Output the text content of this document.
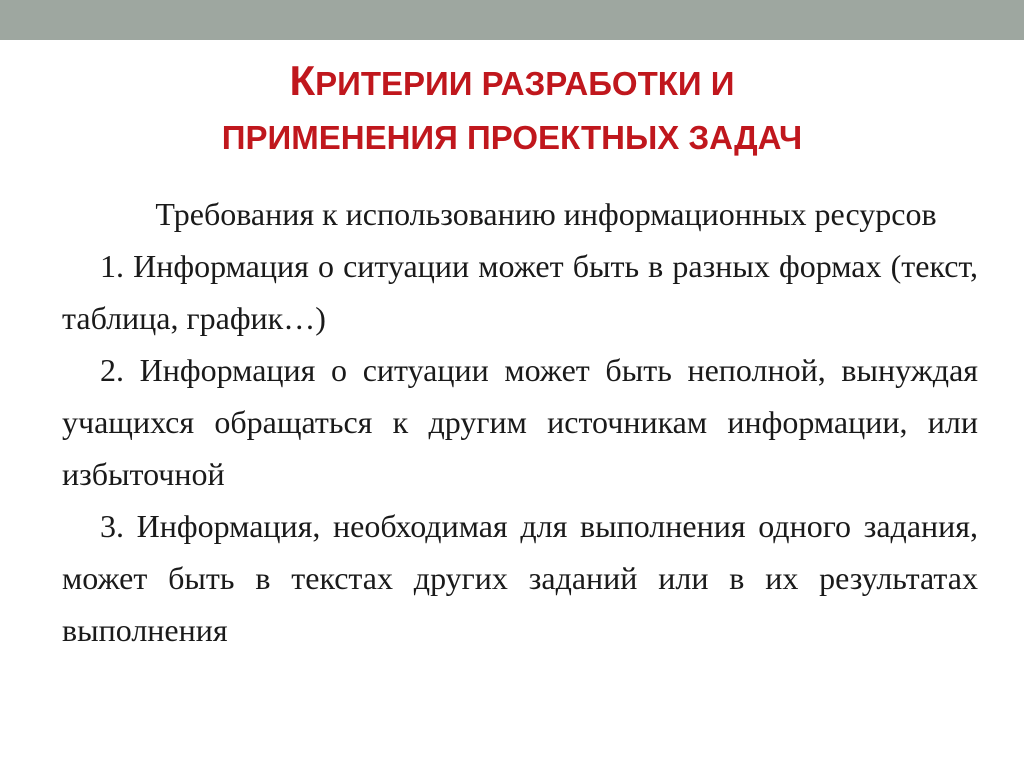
КРИТЕРИИ РАЗРАБОТКИ И
ПРИМЕНЕНИЯ ПРОЕКТНЫХ ЗАДАЧ

Требования к использованию информационных ресурсов

1. Информация о ситуации может быть в разных формах (текст, таблица, график…)

2. Информация о ситуации может быть неполной, вынуждая учащихся обращаться к другим источникам информации, или избыточной

3. Информация, необходимая для выполнения одного задания, может быть в текстах других заданий или в их результатах выполнения
